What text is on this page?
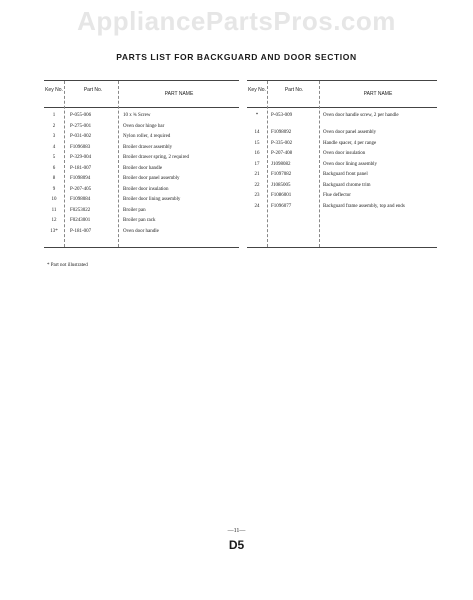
AppliancePartsPros.com
PARTS LIST FOR BACKGUARD AND DOOR SECTION
Key No.	Part No.
PART NAME
1	P-055-006	10 x ¾ Screw
2	P-275-001	Oven door hinge bar
3	P-031-002	Nylon roller, 4 required
4	F1096083	Broiler drawer assembly
5	P-329-004	Broiler drawer spring, 2 required
6	P-181-007	Broiler door handle
8	F1098094	Broiler door panel assembly
9	P-207-405	Broiler door insulation
10	F1098084	Broiler door lining assembly
11	F0253022	Broiler pan
12	F0243001	Broiler pan rack
13*	P-181-007	Oven door handle
Key No.	Part No.
PART NAME
*	P-053-009	Oven door handle screw, 2 per handle
14	F1098092	Oven door panel assembly
15	P-335-002	Handle spacer, 4 per range
16	P-207-408	Oven door insulation
17	J1098082	Oven door lining assembly
21	F1097082	Backguard front panel
22	J1085005	Backguard chrome trim
23	F1086001	Flue deflector
24	F1096077	Backguard frame assembly, top and ends
* Part not illustrated
—11—
D5
